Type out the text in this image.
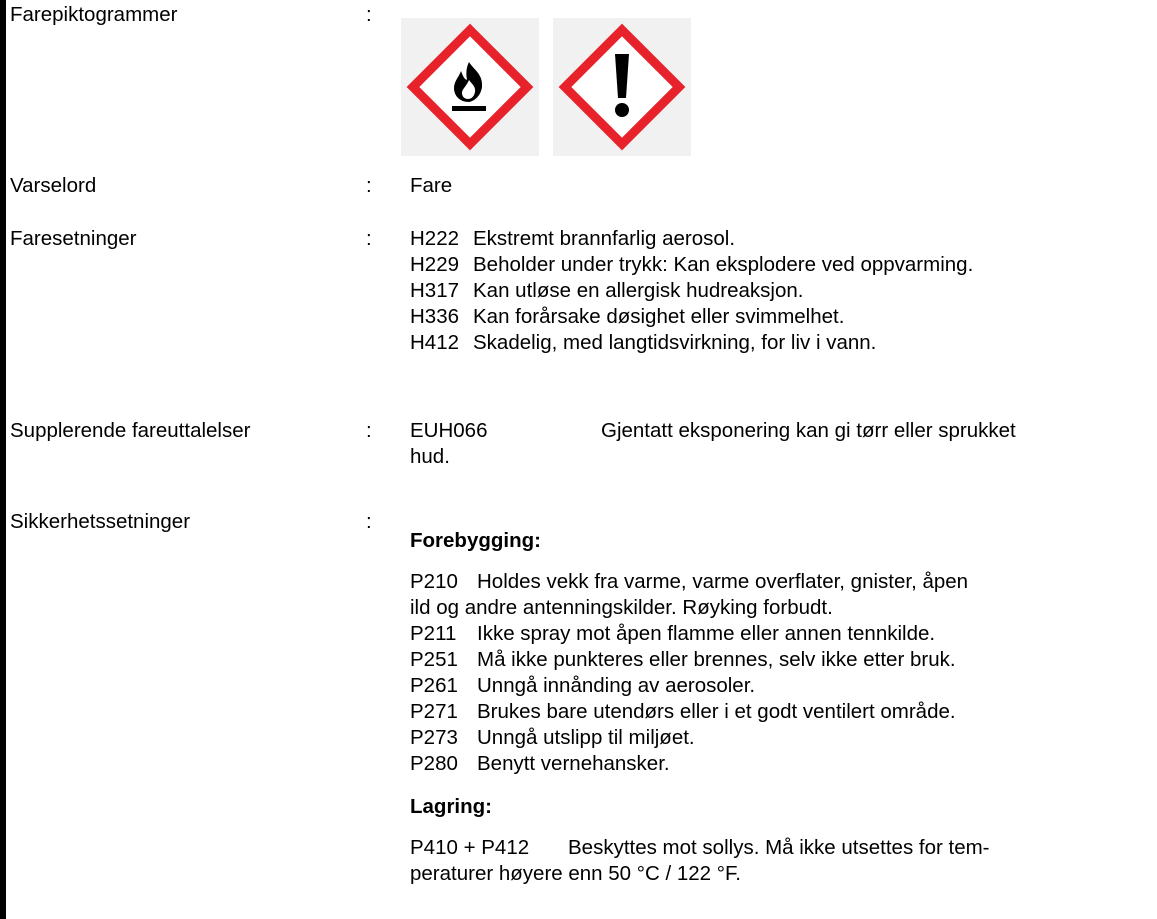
Farepiktogrammer	:
Varselord	: Fare
Faresetninger	: H222 Ekstremt brannfarlig aerosol.
H229 Beholder under trykk: Kan eksplodere ved oppvarming.
H317 Kan utløse en allergisk hudreaksjon.
H336 Kan forårsake døsighet eller svimmelhet.
H412 Skadelig, med langtidsvirkning, for liv i vann.
Supplerende fareuttalelser	: EUH066	Gjentatt eksponering kan gi tørr eller sprukket
hud.
Sikkerhetssetninger	:
Forebygging:
P210 Holdes vekk fra varme, varme overflater, gnister, åpen
ild og andre antenningskilder. Røyking forbudt.
P211 Ikke spray mot åpen flamme eller annen tennkilde.
P251 Må ikke punkteres eller brennes, selv ikke etter bruk.
P261 Unngå innånding av aerosoler.
P271 Brukes bare utendørs eller i et godt ventilert område.
P273 Unngå utslipp til miljøet.
P280 Benytt vernehansker.
Lagring:
P410 + P412 Beskyttes mot sollys. Må ikke utsettes for tem-
peraturer høyere enn 50 °C / 122 °F.
